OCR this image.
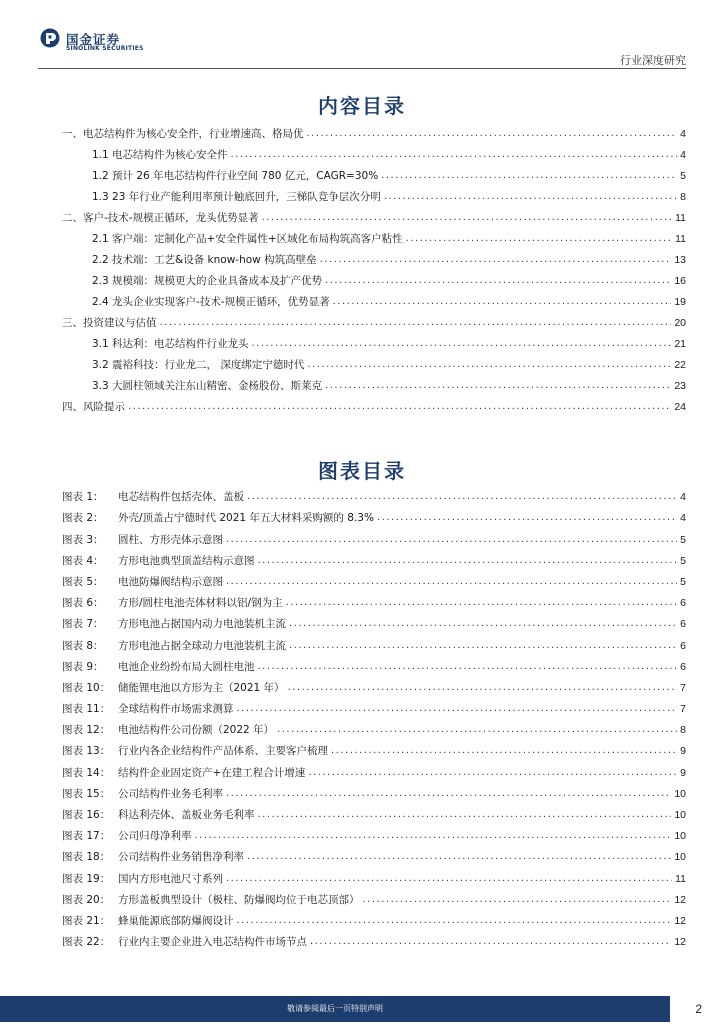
国金证券
SINOLINK SECURITIES
行业深度研究
内容目录
一、电芯结构件为核心安全件，行业增速高、格局优 .....	4
1.1 电芯结构件为核心安全件 .....	4
1.2 预计 26 年电芯结构件行业空间 780 亿元，CAGR=30% .....	5
1.3 23 年行业产能利用率预计触底回升，三梯队竞争层次分明 .....	8
二、客户-技术-规模正循环，龙头优势显著 .....	11
2.1 客户端：定制化产品+安全件属性+区域化布局构筑高客户粘性 .....	11
2.2 技术端：工艺&设备 know-how 构筑高壁垒 .....	13
2.3 规模端：规模更大的企业具备成本及扩产优势 .....	16
2.4 龙头企业实现客户-技术-规模正循环，优势显著 .....	19
三、投资建议与估值 .....	20
3.1 科达利：电芯结构件行业龙头 .....	21
3.2 震裕科技：行业龙二， 深度绑定宁德时代 .....	22
3.3 大圆柱领域关注东山精密、金杨股份、斯莱克 .....	23
四、风险提示 .....	24
图表目录
图表 1：	电芯结构件包括壳体、盖板 .....	4
图表 2：	外壳/顶盖占宁德时代 2021 年五大材料采购额的 8.3% .....	4
图表 3：	圆柱、方形壳体示意图 .....	5
图表 4：	方形电池典型顶盖结构示意图 .....	5
图表 5：	电池防爆阀结构示意图 .....	5
图表 6：	方形/圆柱电池壳体材料以铝/钢为主 .....	6
图表 7：	方形电池占据国内动力电池装机主流 .....	6
图表 8：	方形电池占据全球动力电池装机主流 .....	6
图表 9：	电池企业纷纷布局大圆柱电池 .....	6
图表 10： 储能锂电池以方形为主（2021 年） .....	7
图表 11： 全球结构件市场需求测算 .....	7
图表 12： 电池结构件公司份额（2022 年） .....	8
图表 13： 行业内各企业结构件产品体系、主要客户梳理 .....	9
图表 14： 结构件企业固定资产+在建工程合计增速 .....	9
图表 15： 公司结构件业务毛利率 .....	10
图表 16： 科达利壳体、盖板业务毛利率 .....	10
图表 17： 公司归母净利率 .....	10
图表 18： 公司结构件业务销售净利率 .....	10
图表 19： 国内方形电池尺寸系列 .....	11
图表 20： 方形盖板典型设计（极柱、防爆阀均位于电芯顶部） .....	12
图表 21： 蜂巢能源底部防爆阀设计 .....	12
图表 22： 行业内主要企业进入电芯结构件市场节点 .....	12
敬请参阅最后一页特别声明	2
